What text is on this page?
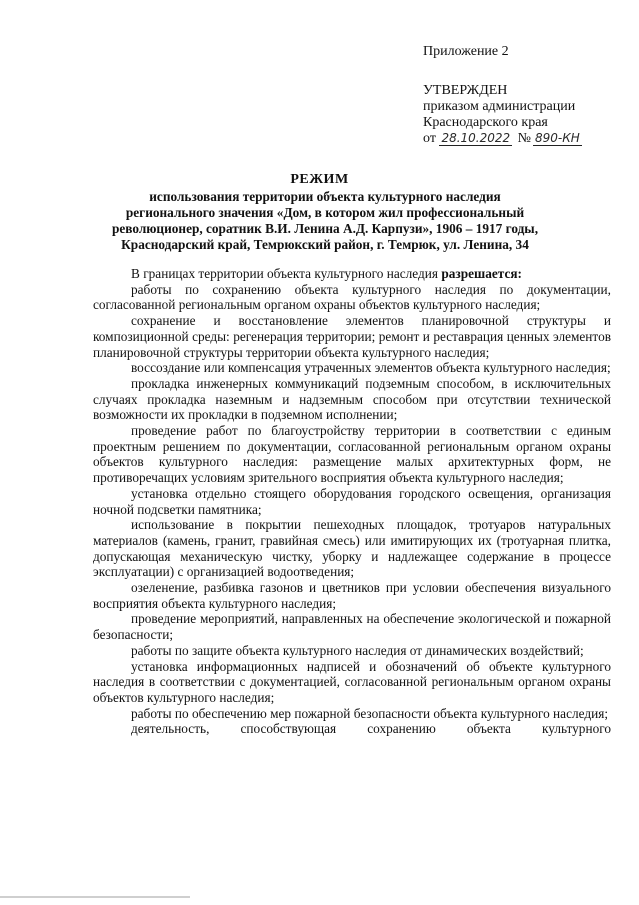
Приложение 2
УТВЕРЖДЕН
приказом администрации
Краснодарского края
от 28.10.2022 № 890-КН
РЕЖИМ
использования территории объекта культурного наследия
регионального значения «Дом, в котором жил профессиональный
революционер, соратник В.И. Ленина А.Д. Карпузи», 1906 – 1917 годы,
Краснодарский край, Темрюкский район, г. Темрюк, ул. Ленина, 34

В границах территории объекта культурного наследия разрешается:

работы по сохранению объекта культурного наследия по документации, согласованной региональным органом охраны объектов культурного наследия;

сохранение и восстановление элементов планировочной структуры и композиционной среды: регенерация территории; ремонт и реставрация ценных элементов планировочной структуры территории объекта культурного наследия;

воссоздание или компенсация утраченных элементов объекта культурного наследия;

прокладка инженерных коммуникаций подземным способом, в исключительных случаях прокладка наземным и надземным способом при отсутствии технической возможности их прокладки в подземном исполнении;

проведение работ по благоустройству территории в соответствии с единым проектным решением по документации, согласованной региональным органом охраны объектов культурного наследия: размещение малых архитектурных форм, не противоречащих условиям зрительного восприятия объекта культурного наследия;

установка отдельно стоящего оборудования городского освещения, организация ночной подсветки памятника;

использование в покрытии пешеходных площадок, тротуаров натуральных материалов (камень, гранит, гравийная смесь) или имитирующих их (тротуарная плитка, допускающая механическую чистку, уборку и надлежащее содержание в процессе эксплуатации) с организацией водоотведения;

озеленение, разбивка газонов и цветников при условии обеспечения визуального восприятия объекта культурного наследия;

проведение мероприятий, направленных на обеспечение экологической и пожарной безопасности;

работы по защите объекта культурного наследия от динамических воздействий;

установка информационных надписей и обозначений об объекте культурного наследия в соответствии с документацией, согласованной региональным органом охраны объектов культурного наследия;

работы по обеспечению мер пожарной безопасности объекта культурного наследия;

деятельность, способствующая сохранению объекта культурного
